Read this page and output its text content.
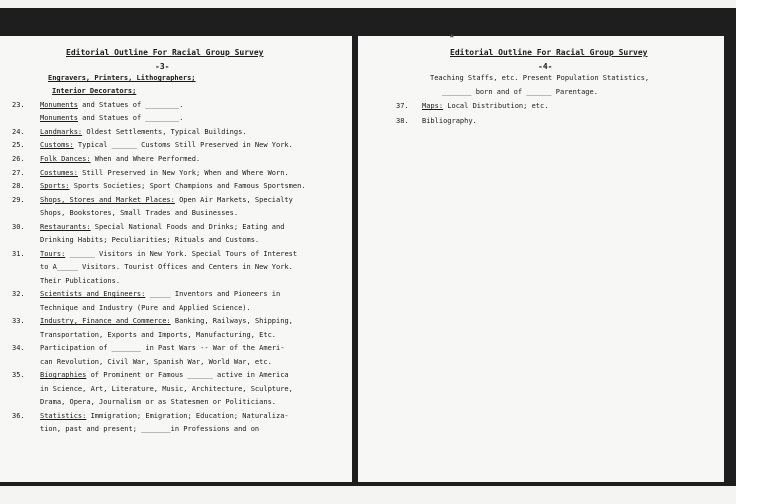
Editorial Outline For Racial Group Survey
-3-
Engravers, Printers, Lithographers;
Interior Decorators;
23. Monuments and Statues of ________.
Monuments and Statues of ________.
24. Landmarks: Oldest Settlements, Typical Buildings.
25. Customs: Typical ______ Customs Still Preserved in New York.
26. Folk Dances: When and Where Performed.
27. Costumes: Still Preserved in New York; When and Where Worn.
28. Sports: Sports Societies; Sport Champions and Famous Sportsmen.
29. Shops, Stores and Market Places: Open Air Markets, Specialty
Shops, Bookstores, Small Trades and Businesses.
30. Restaurants: Special National Foods and Drinks; Eating and
Drinking Habits; Peculiarities; Rituals and Customs.
31. Tours: ______ Visitors in New York. Special Tours of Interest
to A_____ Visitors. Tourist Offices and Centers in New York.
Their Publications.
32. Scientists and Engineers: _____ Inventors and Pioneers in
Technique and Industry (Pure and Applied Science).
33. Industry, Finance and Commerce: Banking, Railways, Shipping,
Transportation, Exports and Imports, Manufacturing, Etc.
34. Participation of _______ in Past Wars -- War of the Ameri-
can Revolution, Civil War, Spanish War, World War, etc.
35. Biographies of Prominent or Famous ______ active in America
in Science, Art, Literature, Music, Architecture, Sculpture,
Drama, Opera, Journalism or as Statesmen or Politicians.
36. Statistics: Immigration; Emigration; Education; Naturaliza-
tion, past and present; _______in Professions and on
▲
Editorial Outline For Racial Group Survey
-4-
Teaching Staffs, etc. Present Population Statistics,
_______ born and of ______ Parentage.
37. Maps: Local Distribution; etc.
38. Bibliography.
